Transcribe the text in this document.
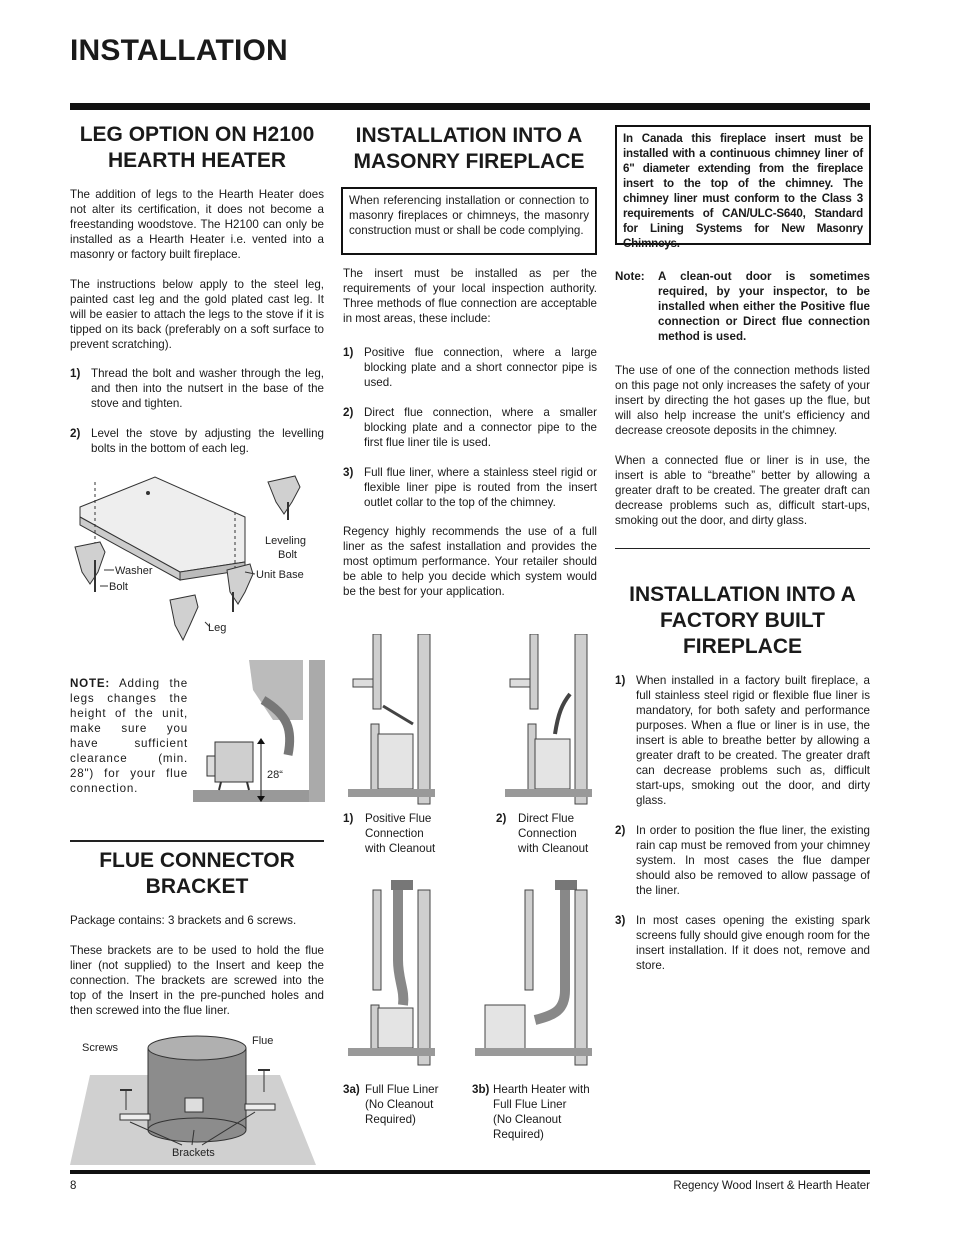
INSTALLATION
LEG OPTION ON H2100
HEARTH HEATER

The addition of legs to the Hearth Heater does not alter its certification, it does not become a freestanding woodstove. The H2100 can only be installed as a Hearth Heater i.e. vented into a masonry or factory built fireplace.

The instructions below apply to the steel leg, painted cast leg and the gold plated cast leg. It will be easier to attach the legs to the stove if it is tipped on its back (preferably on a soft surface to prevent scratching).

1) Thread the bolt and washer through the leg, and then into the nutsert in the base of the stove and tighten.
2) Level the stove by adjusting the levelling bolts in the bottom of each leg.
Washer
Bolt
Unit Base
Leg
Leveling
Bolt
NOTE: Adding the legs changes the height of the unit, make sure you have sufficient clearance (min. 28") for your flue connection.
28“
FLUE CONNECTOR
BRACKET

Package contains: 3 brackets and 6 screws.

These brackets are to be used to hold the flue liner (not supplied) to the Insert and keep the connection. The brackets are screwed into the top of the Insert in the pre-punched holes and then screwed into the flue liner.

Screws
Flue
Brackets
INSTALLATION INTO A
MASONRY FIREPLACE
When referencing installation or connection to masonry fireplaces or chimneys, the masonry construction must or shall be code complying.
The insert must be installed as per the requirements of your local inspection authority. Three methods of flue connection are acceptable in most areas, these include:
1) Positive flue connection, where a large blocking plate and a short connector pipe is used.
2) Direct flue connection, where a smaller blocking plate and a connector pipe to the first flue liner tile is used.
3) Full flue liner, where a stainless steel rigid or flexible liner pipe is routed from the insert outlet collar to the top of the chimney.
Regency highly recommends the use of a full liner as the safest installation and provides the most optimum performance. Your retailer should be able to help you decide which system would be the best for your application.
1)	Positive Flue
Connection
with Cleanout
2)	Direct Flue
Connection
with Cleanout
3a) Full Flue Liner
(No Cleanout
Required)
3b) Hearth Heater with
Full Flue Liner
(No Cleanout
Required)
In Canada this fireplace insert must be installed with a continuous chimney liner of 6" diameter extending from the fireplace insert to the top of the chimney. The chimney liner must conform to the Class 3 requirements of CAN/ULC-S640, Standard for Lining Systems for New Masonry Chimneys.
Note:	A clean-out door is sometimes required, by your inspector, to be installed when either the Positive flue connection or Direct flue connection method is used.

The use of one of the connection methods listed on this page not only increases the safety of your insert by directing the hot gases up the flue, but will also help increase the unit's efficiency and decrease creosote deposits in the chimney.

When a connected flue or liner is in use, the insert is able to “breathe” better by allowing a greater draft to be created. The greater draft can decrease problems such as, difficult start-ups, smoking out the door, and dirty glass.

INSTALLATION INTO A
FACTORY BUILT
FIREPLACE
1) When installed in a factory built fireplace, a full stainless steel rigid or flexible flue liner is mandatory, for both safety and performance purposes. When a flue or liner is in use, the insert is able to breathe better by allowing a greater draft to be created. The greater draft can decrease problems such as, difficult start-ups, smoking out the door, and dirty glass.
2) In order to position the flue liner, the existing rain cap must be removed from your chimney system. In most cases the flue damper should also be removed to allow passage of the liner.
3) In most cases opening the existing spark screens fully should give enough room for the insert installation. If it does not, remove and store.
8	Regency Wood Insert & Hearth Heater
